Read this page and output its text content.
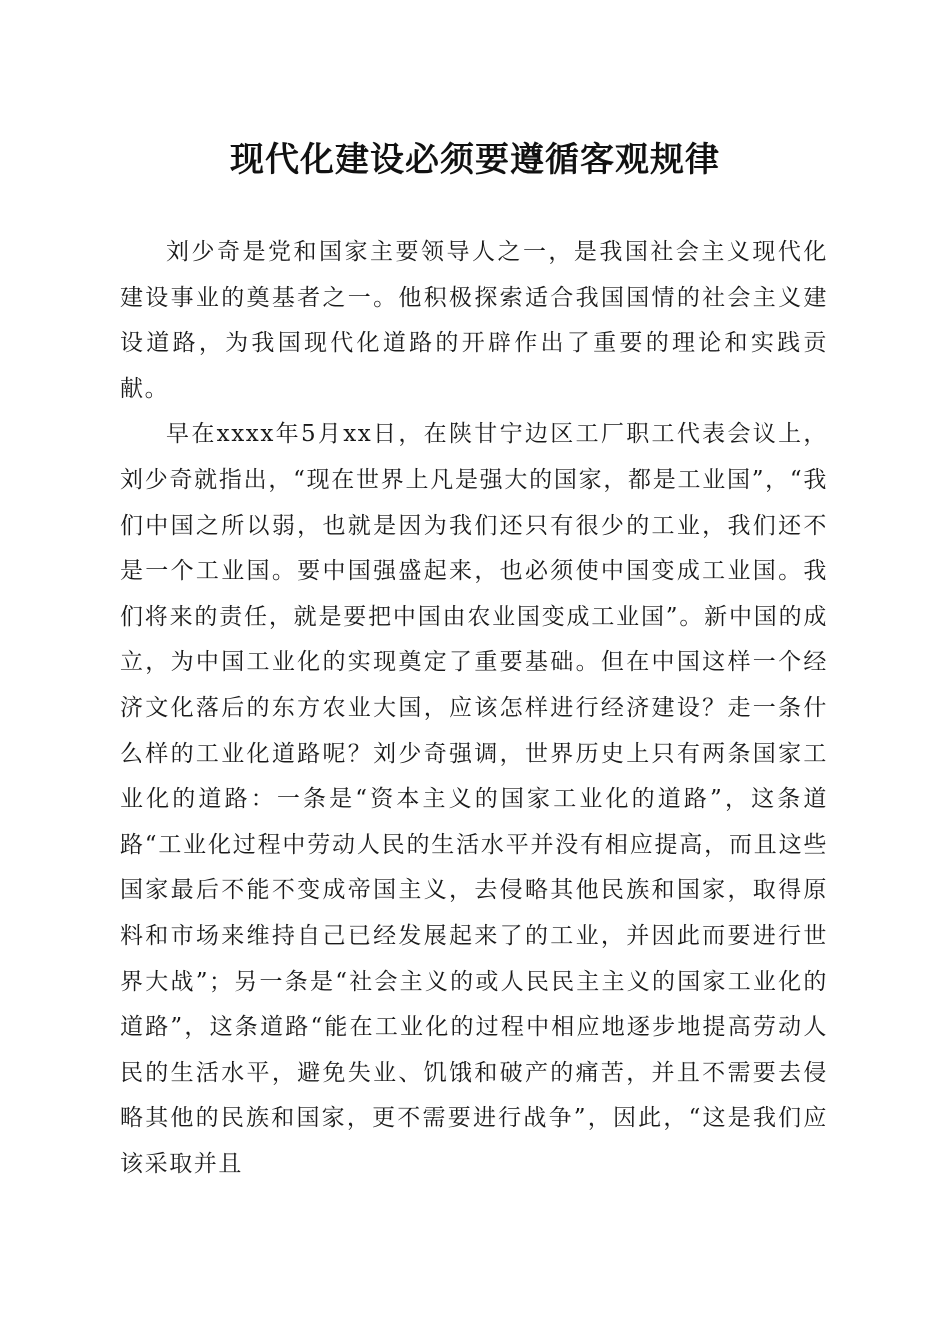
现代化建设必须要遵循客观规律

刘少奇是党和国家主要领导人之一，是我国社会主义现代化建设事业的奠基者之一。他积极探索适合我国国情的社会主义建设道路，为我国现代化道路的开辟作出了重要的理论和实践贡献。

早在xxxx年5月xx日，在陕甘宁边区工厂职工代表会议上，刘少奇就指出，“现在世界上凡是强大的国家，都是工业国”，“我们中国之所以弱，也就是因为我们还只有很少的工业，我们还不是一个工业国。要中国强盛起来，也必须使中国变成工业国。我们将来的责任，就是要把中国由农业国变成工业国”。新中国的成立，为中国工业化的实现奠定了重要基础。但在中国这样一个经济文化落后的东方农业大国，应该怎样进行经济建设？走一条什么样的工业化道路呢？刘少奇强调，世界历史上只有两条国家工业化的道路：一条是“资本主义的国家工业化的道路”，这条道路“工业化过程中劳动人民的生活水平并没有相应提高，而且这些国家最后不能不变成帝国主义，去侵略其他民族和国家，取得原料和市场来维持自己已经发展起来了的工业，并因此而要进行世界大战”；另一条是“社会主义的或人民民主主义的国家工业化的道路”，这条道路“能在工业化的过程中相应地逐步地提高劳动人民的生活水平，避免失业、饥饿和破产的痛苦，并且不需要去侵略其他的民族和国家，更不需要进行战争”，因此，“这是我们应该采取并且
